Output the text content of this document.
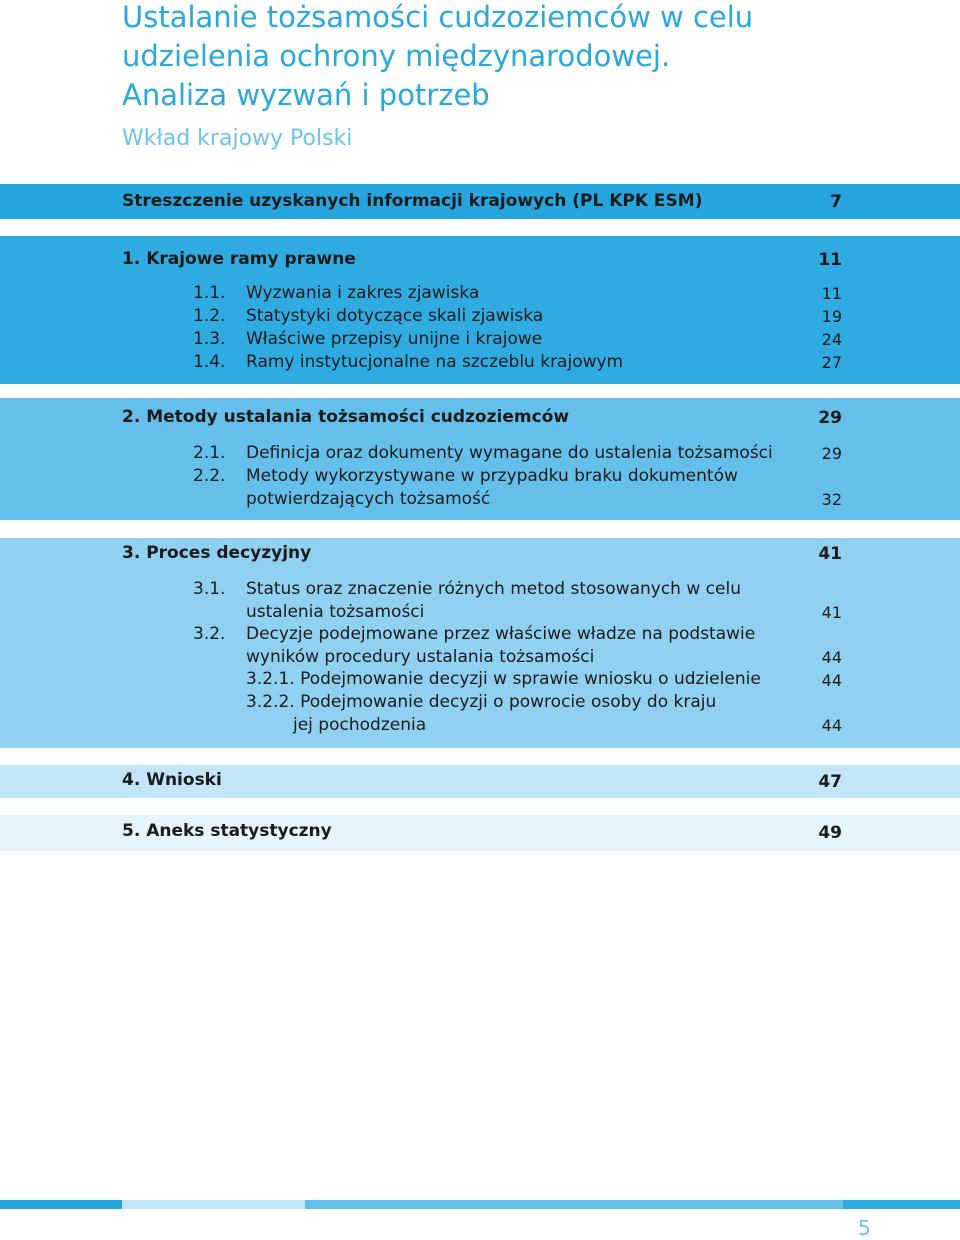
Ustalanie tożsamości cudzoziemców w celu
udzielenia ochrony międzynarodowej.
Analiza wyzwań i potrzeb
Wkład krajowy Polski
Streszczenie uzyskanych informacji krajowych (PL KPK ESM)	7
1. Krajowe ramy prawne	11
1.1. Wyzwania i zakres zjawiska	11
1.2. Statystyki dotyczące skali zjawiska	19
1.3. Właściwe przepisy unijne i krajowe	24
1.4. Ramy instytucjonalne na szczeblu krajowym	27
2. Metody ustalania tożsamości cudzoziemców	29
2.1. Definicja oraz dokumenty wymagane do ustalenia tożsamości	29
2.2. Metody wykorzystywane w przypadku braku dokumentów
potwierdzających tożsamość	32
3. Proces decyzyjny	41
3.1. Status oraz znaczenie różnych metod stosowanych w celu
ustalenia tożsamości	41
3.2. Decyzje podejmowane przez właściwe władze na podstawie
wyników procedury ustalania tożsamości	44
3.2.1. Podejmowanie decyzji w sprawie wniosku o udzielenie	44
3.2.2. Podejmowanie decyzji o powrocie osoby do kraju
jej pochodzenia	44
4. Wnioski	47
5. Aneks statystyczny	49
5
